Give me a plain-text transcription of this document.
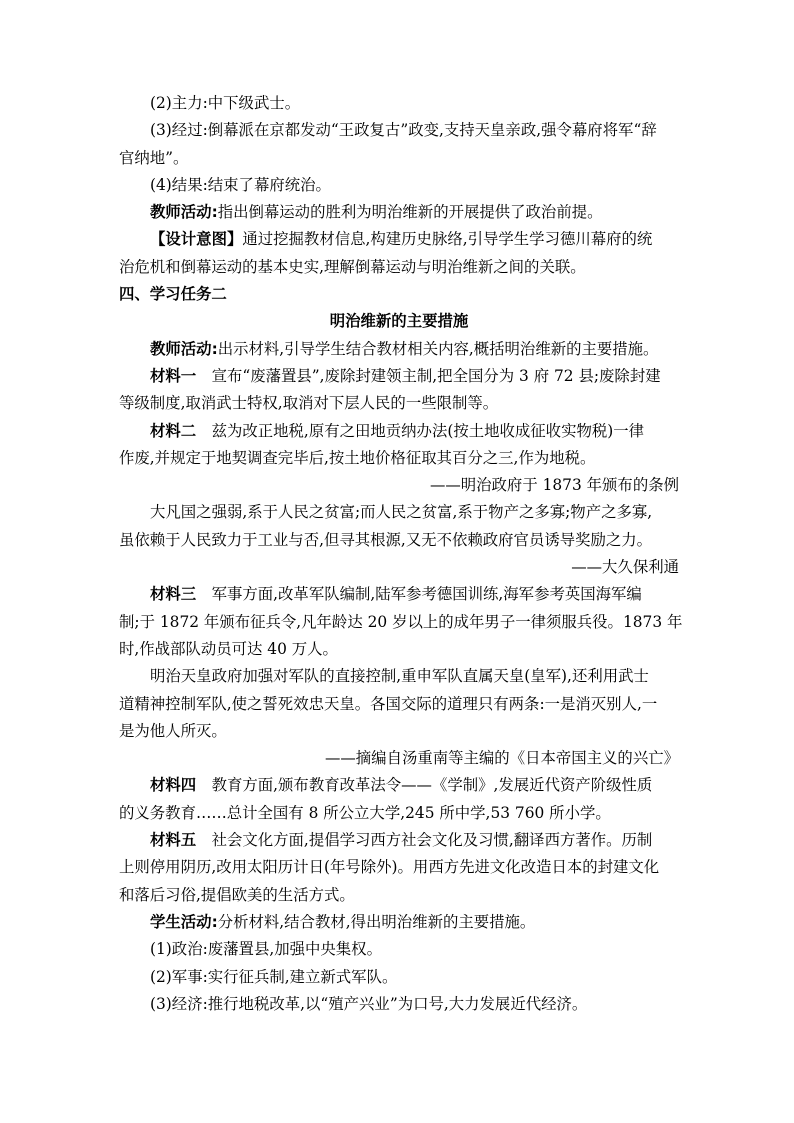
(2)主力:中下级武士。
(3)经过:倒幕派在京都发动“王政复古”政变,支持天皇亲政,强令幕府将军“辞
官纳地”。
(4)结果:结束了幕府统治。
教师活动:指出倒幕运动的胜利为明治维新的开展提供了政治前提。
【设计意图】通过挖掘教材信息,构建历史脉络,引导学生学习德川幕府的统
治危机和倒幕运动的基本史实,理解倒幕运动与明治维新之间的关联。
四、学习任务二
明治维新的主要措施
教师活动:出示材料,引导学生结合教材相关内容,概括明治维新的主要措施。
材料一　宣布“废藩置县”,废除封建领主制,把全国分为 3 府 72 县;废除封建
等级制度,取消武士特权,取消对下层人民的一些限制等。
材料二　兹为改正地税,原有之田地贡纳办法(按土地收成征收实物税)一律
作废,并规定于地契调查完毕后,按土地价格征取其百分之三,作为地税。
——明治政府于 1873 年颁布的条例
大凡国之强弱,系于人民之贫富;而人民之贫富,系于物产之多寡;物产之多寡,
虽依赖于人民致力于工业与否,但寻其根源,又无不依赖政府官员诱导奖励之力。
——大久保利通
材料三　军事方面,改革军队编制,陆军参考德国训练,海军参考英国海军编
制;于 1872 年颁布征兵令,凡年龄达 20 岁以上的成年男子一律须服兵役。1873 年
时,作战部队动员可达 40 万人。
明治天皇政府加强对军队的直接控制,重申军队直属天皇(皇军),还利用武士
道精神控制军队,使之誓死效忠天皇。各国交际的道理只有两条:一是消灭别人,一
是为他人所灭。
——摘编自汤重南等主编的《日本帝国主义的兴亡》
材料四　教育方面,颁布教育改革法令——《学制》,发展近代资产阶级性质
的义务教育……总计全国有 8 所公立大学,245 所中学,53 760 所小学。
材料五　社会文化方面,提倡学习西方社会文化及习惯,翻译西方著作。历制
上则停用阴历,改用太阳历计日(年号除外)。用西方先进文化改造日本的封建文化
和落后习俗,提倡欧美的生活方式。
学生活动:分析材料,结合教材,得出明治维新的主要措施。
(1)政治:废藩置县,加强中央集权。
(2)军事:实行征兵制,建立新式军队。
(3)经济:推行地税改革,以“殖产兴业”为口号,大力发展近代经济。
